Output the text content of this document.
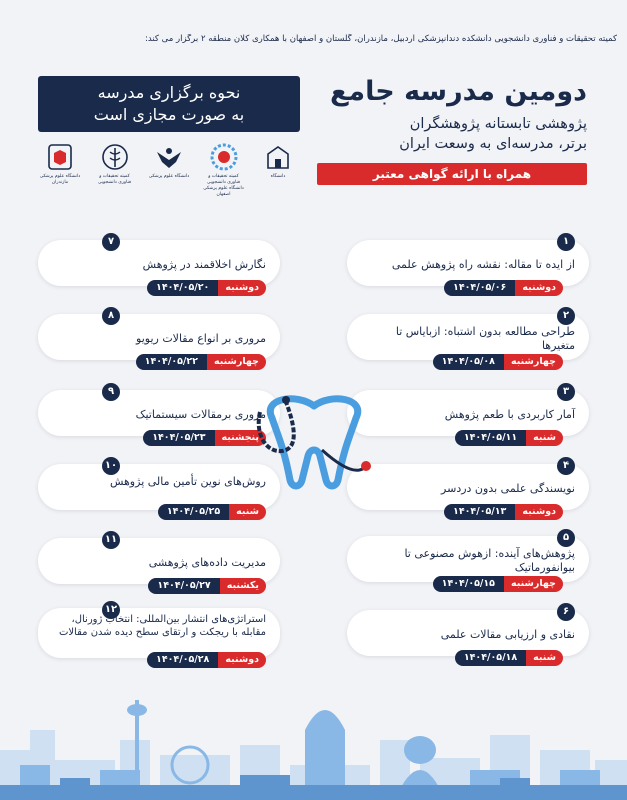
کمیته تحقیقات و فناوری دانشجویی دانشکده دندانپزشکی اردبیل، مازندران، گلستان و اصفهان با همکاری کلان منطقه ۲ برگزار می کند:
دومین مدرسه جامع
پژوهشی تابستانه پژوهشگران
برتر، مدرسه‌ای به وسعت ایران
همراه با ارائه گواهی معتبر
نحوه برگزاری مدرسه
به صورت مجازی است
دانشگاه علوم پزشکی مازندران
کمیته تحقیقات و فناوری دانشجویی
دانشگاه علوم پزشکی	کمیته تحقیقات و فناوری دانشجویی دانشگاه علوم پزشکی اصفهان
دانشگاه
۱
از ایده تا مقاله: نقشه راه پژوهش علمی
دوشنبه
۱۴۰۴/۰۵/۰۶
۲
طراحی مطالعه بدون اشتباه: ازبایاس تا متغیرها
چهارشنبه
۱۴۰۴/۰۵/۰۸
۳
آمار کاربردی با طعم پژوهش
شنبه
۱۴۰۴/۰۵/۱۱
۴
نویسندگی علمی بدون دردسر
دوشنبه
۱۴۰۴/۰۵/۱۳
۵
پژوهش‌های آینده: ازهوش مصنوعی تا بیوانفورماتیک
چهارشنبه
۱۴۰۴/۰۵/۱۵
۶
نقادی و ارزیابی مقالات علمی
شنبه
۱۴۰۴/۰۵/۱۸
۷
نگارش اخلاقمند در پژوهش
دوشنبه
۱۴۰۴/۰۵/۲۰
۸
مروری بر انواع مقالات ریویو
چهارشنبه
۱۴۰۴/۰۵/۲۲
۹
مروری برمقالات سیستماتیک
پنجشنبه
۱۴۰۴/۰۵/۲۳
۱۰
روش‌های نوین تأمین مالی پژوهش
شنبه
۱۴۰۴/۰۵/۲۵
۱۱
مدیریت داده‌های پژوهشی
یکشنبه
۱۴۰۴/۰۵/۲۷
۱۲
استراتژی‌های انتشار بین‌المللی: انتخاب ژورنال، مقابله با ریجکت و ارتقای سطح دیده شدن مقالات
دوشنبه
۱۴۰۴/۰۵/۲۸
